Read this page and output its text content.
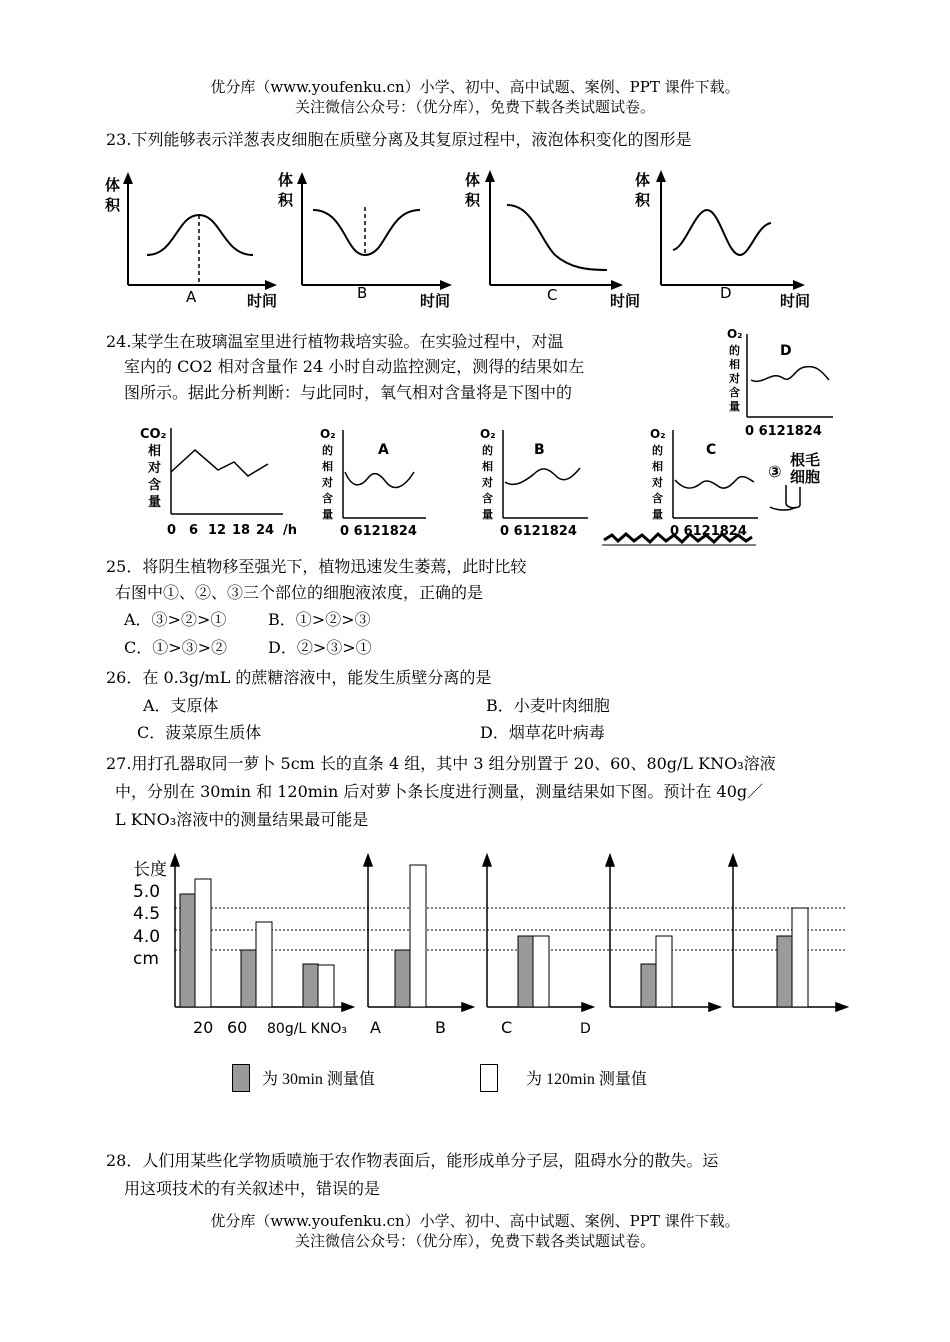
优分库（www.youfenku.cn）小学、初中、高中试题、案例、PPT 课件下载。
关注微信公众号：（优分库），免费下载各类试题试卷。
23.下列能够表示洋葱表皮细胞在质壁分离及其复原过程中，液泡体积变化的图形是
体
积
A	时间
体
积
B	时间
体
积
C	时间
体
积
D	时间
24.某学生在玻璃温室里进行植物栽培实验。在实验过程中，对温
室内的 CO2 相对含量作 24 小时自动监控测定，测得的结果如左
图所示。据此分析判断：与此同时，氧气相对含量将是下图中的
O₂
的
相
对
含
量
D
0 6121824
CO₂
相
对
含
量
0 6 12 18 24 /h
O₂
的
相
对
含
量
A
0 6121824
O₂
的
相
对
含
量
B
0 6121824
O₂
的
相
对
含
量
C
0 6121824
③
根毛
细胞
25．将阴生植物移至强光下，植物迅速发生萎蔫，此时比较
右图中①、②、③三个部位的细胞液浓度，正确的是
A．③>②>①	B．①>②>③
C．①>③>②	D．②>③>①
26．在 0.3g/mL 的蔗糖溶液中，能发生质壁分离的是
A．支原体	B．小麦叶肉细胞
C．菠菜原生质体	D．烟草花叶病毒
27.用打孔器取同一萝卜 5cm 长的直条 4 组，其中 3 组分别置于 20、60、80g/L KNO₃溶液
中，分别在 30min 和 120min 后对萝卜条长度进行测量，测量结果如下图。预计在 40g／
L KNO₃溶液中的测量结果最可能是
长度
5.0
4.5
4.0
cm
20 60 80g/L KNO₃ A	B	C	D
为 30min 测量值	为 120min 测量值
28．人们用某些化学物质喷施于农作物表面后，能形成单分子层，阻碍水分的散失。运
用这项技术的有关叙述中，错误的是
优分库（www.youfenku.cn）小学、初中、高中试题、案例、PPT 课件下载。
关注微信公众号：（优分库），免费下载各类试题试卷。
